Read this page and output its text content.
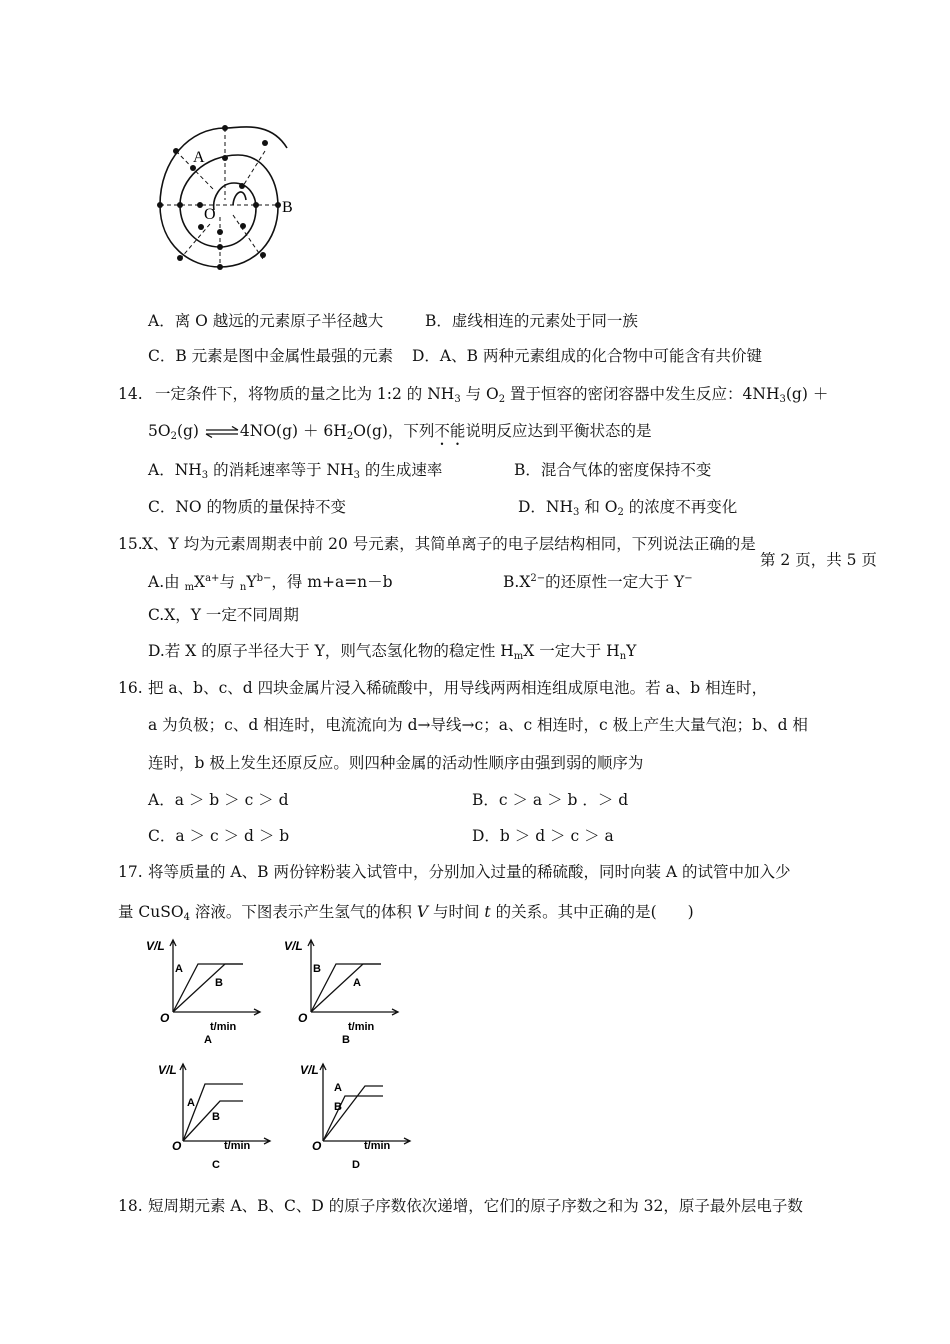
A
O	B
A．离 O 越远的元素原子半径越大	B．虚线相连的元素处于同一族
C．B 元素是图中金属性最强的元素 D．A、B 两种元素组成的化合物中可能含有共价键
14. 一定条件下，将物质的量之比为 1:2 的 $NH_3$ 与 $O_2$ 置于恒容的密闭容器中发生反应：$4NH_3(g)$ ＋
$5O_2(g)$ ⇌4NO(g) ＋ $6H_2O(g)$，下列不能说明反应达到平衡状态的是
A．$NH_3$ 的消耗速率等于 $NH_3$ 的生成速率	B．混合气体的密度保持不变
C．NO 的物质的量保持不变	D．$NH_3$ 和 $O_2$ 的浓度不再变化
15. X、Y 均为元素周期表中前 20 号元素，其简单离子的电子层结构相同，下列说法正确的是
第 2 页，共 5 页
A.由 $_mX^{a+}$与 $_nY^{b-}$，得 m+a=n－b	$B.X^{2-}$的还原性一定大于 Y−
C.X，Y 一定不同周期
D.若 X 的原子半径大于 Y，则气态氢化物的稳定性 $H_mX$ 一定大于 $H_nY$
16. 把 a、b、c、d 四块金属片浸入稀硫酸中，用导线两两相连组成原电池。若 a、b 相连时，
a 为负极；c、d 相连时，电流流向为 d→导线→c；a、c 相连时，c 极上产生大量气泡；b、d 相
连时，b 极上发生还原反应。则四种金属的活动性顺序由强到弱的顺序为
A．a ＞ b ＞ c ＞ d	B．c ＞ a ＞ b ．＞ d
C．a ＞ c ＞ d ＞ b	D．b ＞ d ＞ c ＞ a
17. 将等质量的 A、B 两份锌粉装入试管中，分别加入过量的稀硫酸，同时向装 A 的试管中加入少
量 CuSO$_4$ 溶液。下图表示产生氢气的体积 V 与时间 t 的关系。其中正确的是(　　)
V/L
O
t/min
A
B
A
V/L
O
t/min
B
A
B
V/L
O	t/min
A
B
C
V/L
O	t/min
A
B
D
18. 短周期元素 A、B、C、D 的原子序数依次递增，它们的原子序数之和为 32，原子最外层电子数
